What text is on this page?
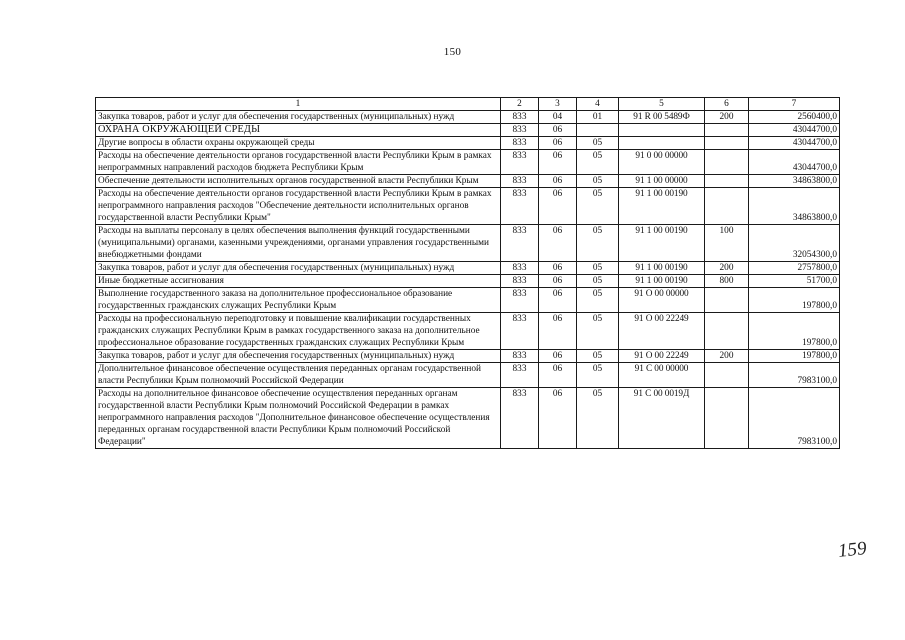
150
1	2	3	4	5	6	7
Закупка товаров, работ и услуг для обеспечения государственных (муниципальных) нужд	833	04	01	91 R 00 5489Ф	200	2560400,0
ОХРАНА ОКРУЖАЮЩЕЙ СРЕДЫ	833	06				43044700,0
Другие вопросы в области охраны окружающей среды	833	06	05			43044700,0
Расходы на обеспечение деятельности органов государственной власти Республики Крым в рамках непрограммных направлений расходов бюджета Республики Крым	833	06	05	91 0 00 00000		43044700,0
Обеспечение деятельности исполнительных органов государственной власти Республики Крым	833	06	05	91 1 00 00000		34863800,0
Расходы на обеспечение деятельности органов государственной власти Республики Крым в рамках непрограммного направления расходов "Обеспечение деятельности исполнительных органов государственной власти Республики Крым"	833	06	05	91 1 00 00190		34863800,0
Расходы на выплаты персоналу в целях обеспечения выполнения функций государственными (муниципальными) органами, казенными учреждениями, органами управления государственными внебюджетными фондами	833	06	05	91 1 00 00190	100	32054300,0
Закупка товаров, работ и услуг для обеспечения государственных (муниципальных) нужд	833	06	05	91 1 00 00190	200	2757800,0
Иные бюджетные ассигнования	833	06	05	91 1 00 00190	800	51700,0
Выполнение государственного заказа на дополнительное профессиональное образование государственных гражданских служащих Республики Крым	833	06	05	91 О 00 00000		197800,0
Расходы на профессиональную переподготовку и повышение квалификации государственных гражданских служащих Республики Крым в рамках государственного заказа на дополнительное профессиональное образование государственных гражданских служащих Республики Крым	833	06	05	91 О 00 22249		197800,0
Закупка товаров, работ и услуг для обеспечения государственных (муниципальных) нужд	833	06	05	91 О 00 22249	200	197800,0
Дополнительное финансовое обеспечение осуществления переданных органам государственной власти Республики Крым полномочий Российской Федерации	833	06	05	91 С 00 00000		7983100,0
Расходы на дополнительное финансовое обеспечение осуществления переданных органам государственной власти Республики Крым полномочий Российской Федерации в рамках непрограммного направления расходов "Дополнительное финансовое обеспечение осуществления переданных органам государственной власти Республики Крым полномочий Российской Федерации"	833	06	05	91 С 00 0019Д		7983100,0
159
